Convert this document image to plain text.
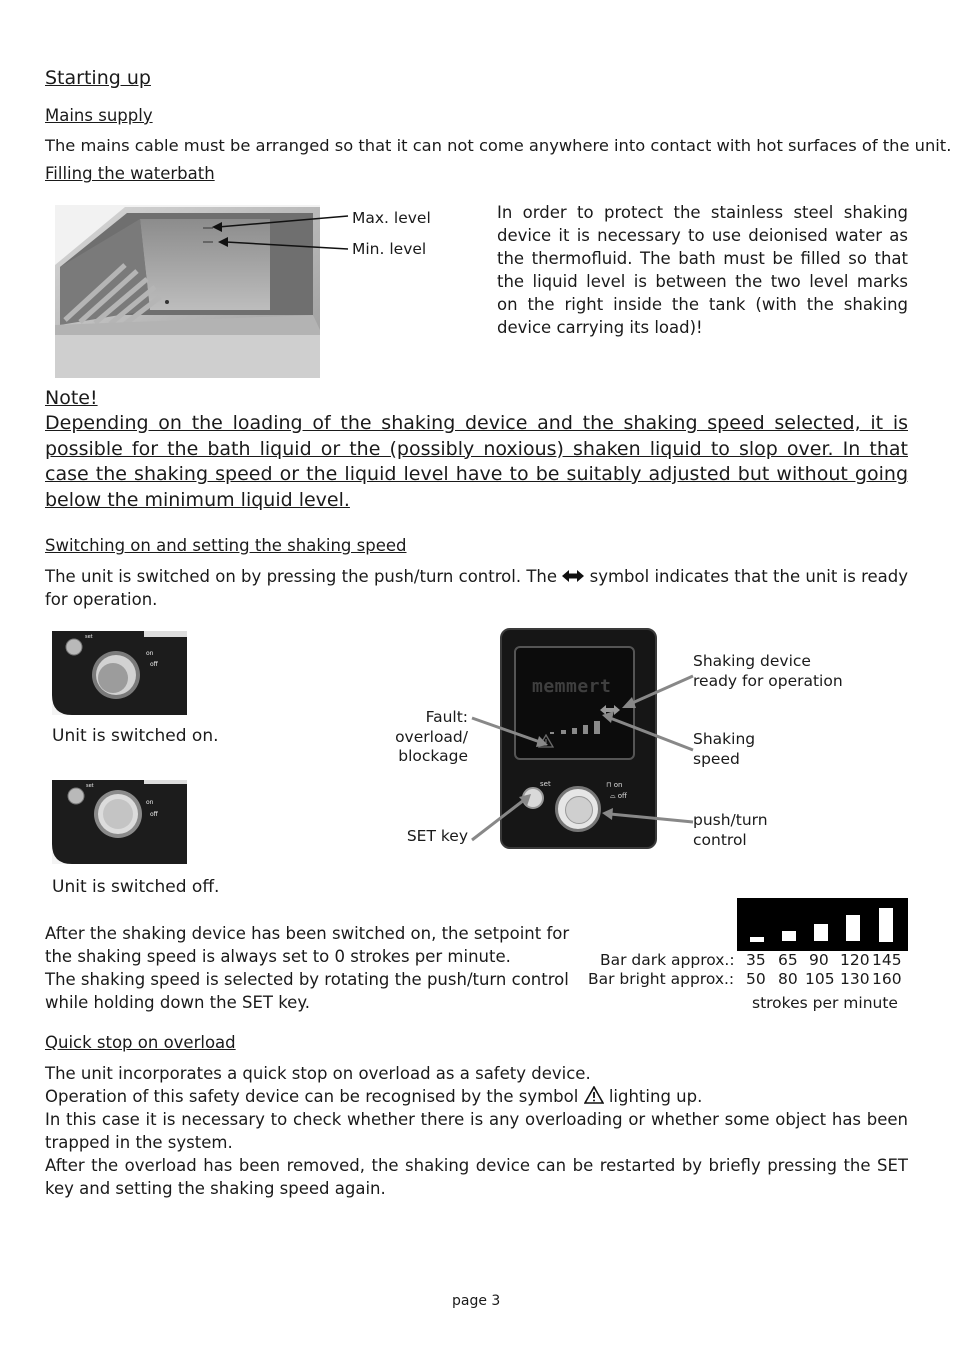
Starting up
Mains supply
The mains cable must be arranged so that it can not come anywhere into contact with hot surfaces of the unit.
Filling the waterbath
Max. level
Min. level
In order to protect the stainless steel shaking device it is necessary to use deionised water as the thermofluid. The bath must be filled so that the liquid level is between the two level marks on the right inside the tank (with the shaking device carrying its load)!
Note!
Depending on the loading of the shaking device and the shaking speed selected, it is possible for the bath liquid or the (possibly noxious) shaken liquid to slop over. In that case the shaking speed or the liquid level have to be suitably adjusted but without going below the minimum liquid level.
Switching on and setting the shaking speed
The unit is switched on by pressing the push/turn control. The symbol indicates that the unit is ready for operation.
set
on
off
Unit is switched on.
set
on
off
Unit is switched off.
memmert
set	⊓ on
⌓ off
Shaking device ready for operation
Shaking speed
push/turn control
Fault: overload/ blockage
SET key
After the shaking device has been switched on, the setpoint for the shaking speed is always set to 0 strokes per minute.
The shaking speed is selected by rotating the push/turn control while holding down the SET key.
Bar dark approx.:
Bar bright approx.:
35 65 90 120 145
50 80 105 130 160
strokes per minute
Quick stop on overload
The unit incorporates a quick stop on overload as a safety device.
Operation of this safety device can be recognised by the symbol lighting up.
In this case it is necessary to check whether there is any overloading or whether some object has been trapped in the system.
After the overload has been removed, the shaking device can be restarted by briefly pressing the SET key and setting the shaking speed again.
page 3
